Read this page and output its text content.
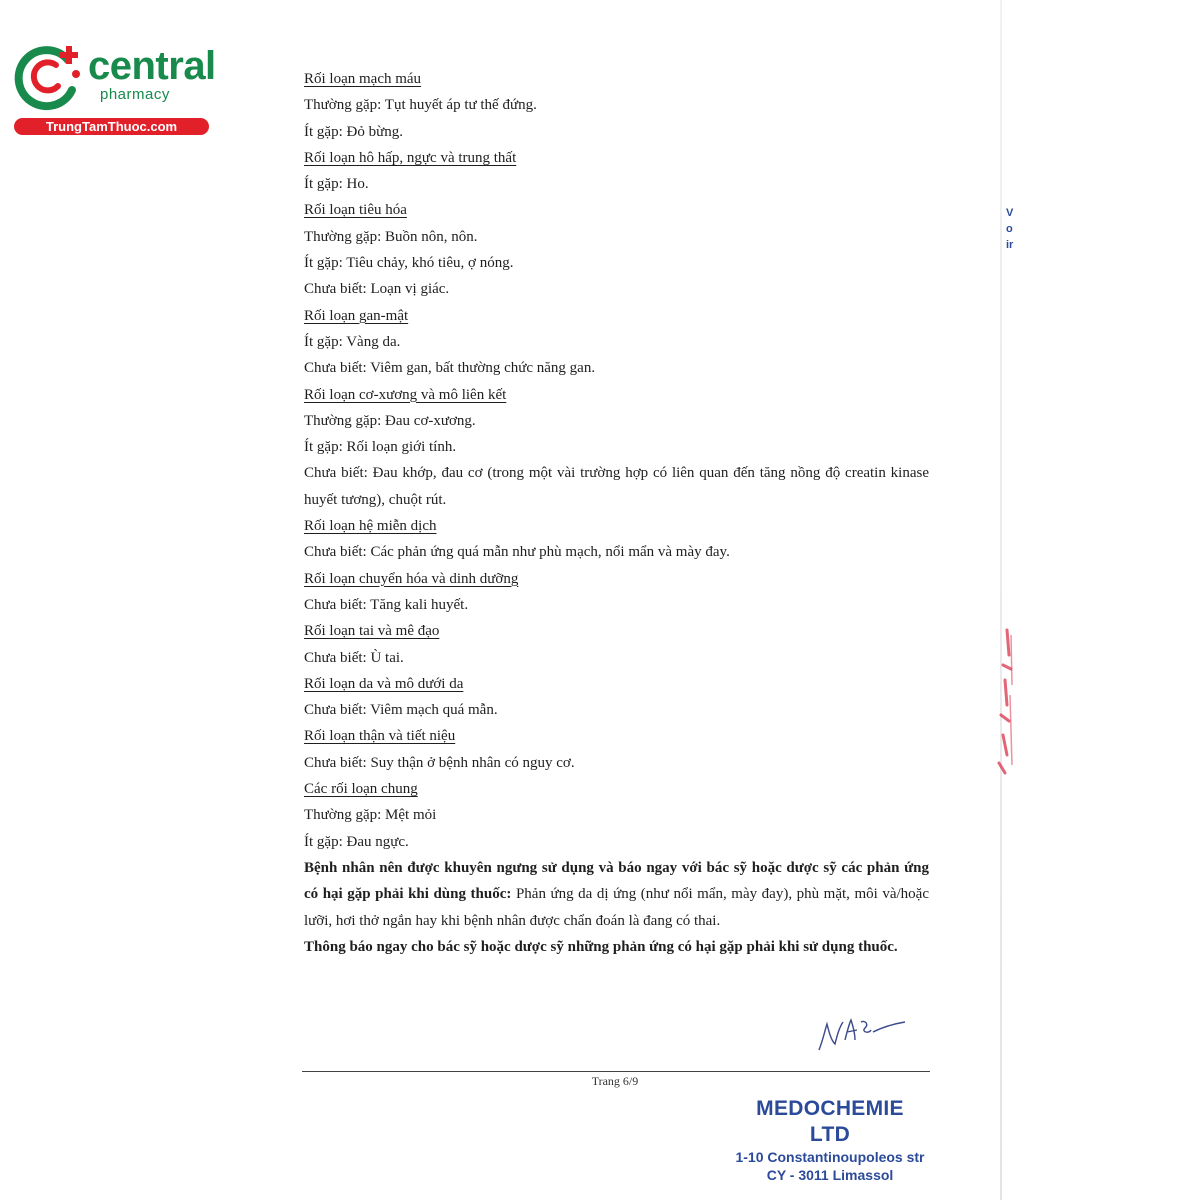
central
pharmacy
TrungTamThuoc.com
Rối loạn mạch máu
Thường gặp: Tụt huyết áp tư thế đứng.
Ít gặp: Đỏ bừng.
Rối loạn hô hấp, ngực và trung thất
Ít gặp: Ho.
Rối loạn tiêu hóa
Thường gặp: Buồn nôn, nôn.
Ít gặp: Tiêu chảy, khó tiêu, ợ nóng.
Chưa biết: Loạn vị giác.
Rối loạn gan-mật
Ít gặp: Vàng da.
Chưa biết: Viêm gan, bất thường chức năng gan.
Rối loạn cơ-xương và mô liên kết
Thường gặp: Đau cơ-xương.
Ít gặp: Rối loạn giới tính.
Chưa biết: Đau khớp, đau cơ (trong một vài trường hợp có liên quan đến tăng nồng độ creatin kinase huyết tương), chuột rút.
Rối loạn hệ miễn dịch
Chưa biết: Các phản ứng quá mẫn như phù mạch, nổi mẩn và mày đay.
Rối loạn chuyển hóa và dinh dưỡng
Chưa biết: Tăng kali huyết.
Rối loạn tai và mê đạo
Chưa biết: Ù tai.
Rối loạn da và mô dưới da
Chưa biết: Viêm mạch quá mẫn.
Rối loạn thận và tiết niệu
Chưa biết: Suy thận ở bệnh nhân có nguy cơ.
Các rối loạn chung
Thường gặp: Mệt mỏi
Ít gặp: Đau ngực.
Bệnh nhân nên được khuyên ngưng sử dụng và báo ngay với bác sỹ hoặc dược sỹ các phản ứng có hại gặp phải khi dùng thuốc: Phản ứng da dị ứng (như nổi mẩn, mày đay), phù mặt, môi và/hoặc lưỡi, hơi thở ngắn hay khi bệnh nhân được chẩn đoán là đang có thai.
Thông báo ngay cho bác sỹ hoặc dược sỹ những phản ứng có hại gặp phải khi sử dụng thuốc.
Trang 6/9
MEDOCHEMIE LTD
1-10 Constantinoupoleos str
CY - 3011 Limassol
V
o
ir
